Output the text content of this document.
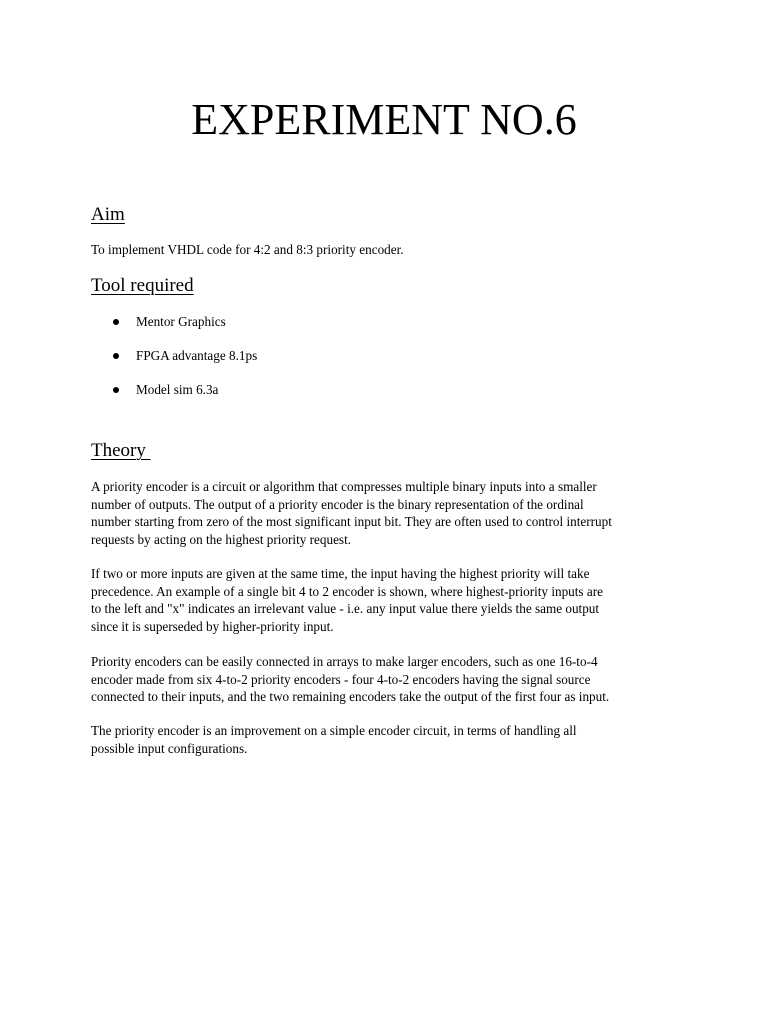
EXPERIMENT NO.6
Aim

To implement VHDL code for 4:2 and 8:3 priority encoder.

Tool required
Mentor Graphics
FPGA advantage 8.1ps
Model sim 6.3a
Theory

A priority encoder is a circuit or algorithm that compresses multiple binary inputs into a smaller
number of outputs. The output of a priority encoder is the binary representation of the ordinal
number starting from zero of the most significant input bit. They are often used to control interrupt
requests by acting on the highest priority request.

If two or more inputs are given at the same time, the input having the highest priority will take
precedence. An example of a single bit 4 to 2 encoder is shown, where highest-priority inputs are
to the left and "x" indicates an irrelevant value - i.e. any input value there yields the same output
since it is superseded by higher-priority input.

Priority encoders can be easily connected in arrays to make larger encoders, such as one 16-to-4
encoder made from six 4-to-2 priority encoders - four 4-to-2 encoders having the signal source
connected to their inputs, and the two remaining encoders take the output of the first four as input.

The priority encoder is an improvement on a simple encoder circuit, in terms of handling all
possible input configurations.
